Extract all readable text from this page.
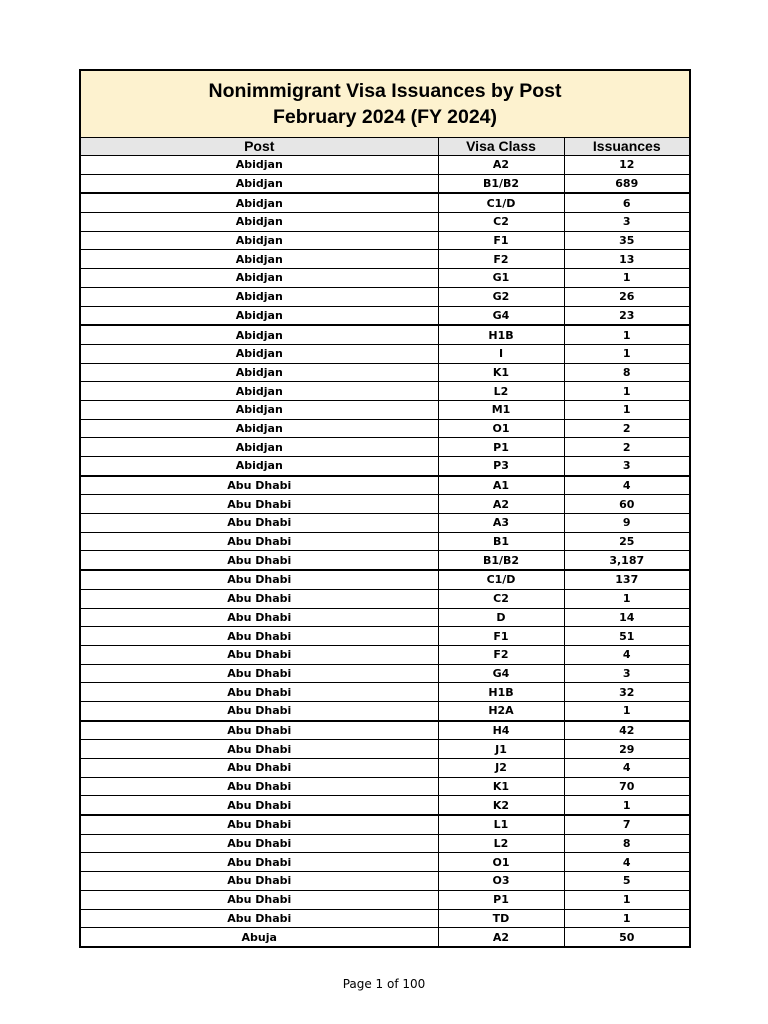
Nonimmigrant Visa Issuances by Post
February 2024 (FY 2024)		

Post	Visa Class	Issuances
Abidjan	A2	12
Abidjan	B1/B2	689
Abidjan	C1/D	6
Abidjan	C2	3
Abidjan	F1	35
Abidjan	F2	13
Abidjan	G1	1
Abidjan	G2	26
Abidjan	G4	23
Abidjan	H1B	1
Abidjan	I	1
Abidjan	K1	8
Abidjan	L2	1
Abidjan	M1	1
Abidjan	O1	2
Abidjan	P1	2
Abidjan	P3	3
Abu Dhabi	A1	4
Abu Dhabi	A2	60
Abu Dhabi	A3	9
Abu Dhabi	B1	25
Abu Dhabi	B1/B2	3,187
Abu Dhabi	C1/D	137
Abu Dhabi	C2	1
Abu Dhabi	D	14
Abu Dhabi	F1	51
Abu Dhabi	F2	4
Abu Dhabi	G4	3
Abu Dhabi	H1B	32
Abu Dhabi	H2A	1
Abu Dhabi	H4	42
Abu Dhabi	J1	29
Abu Dhabi	J2	4
Abu Dhabi	K1	70
Abu Dhabi	K2	1
Abu Dhabi	L1	7
Abu Dhabi	L2	8
Abu Dhabi	O1	4
Abu Dhabi	O3	5
Abu Dhabi	P1	1
Abu Dhabi	TD	1
Abuja	A2	50
Page 1 of 100
